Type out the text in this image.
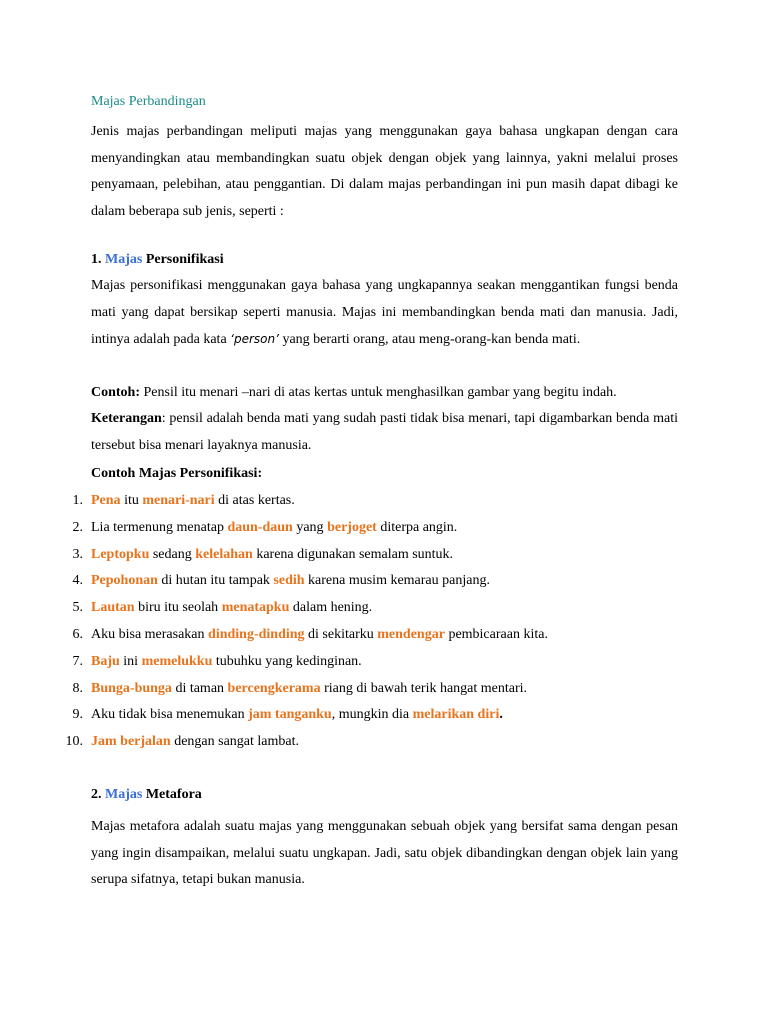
Majas Perbandingan
Jenis majas perbandingan meliputi majas yang menggunakan gaya bahasa ungkapan dengan cara menyandingkan atau membandingkan suatu objek dengan objek yang lainnya, yakni melalui proses penyamaan, pelebihan, atau penggantian. Di dalam majas perbandingan ini pun masih dapat dibagi ke dalam beberapa sub jenis, seperti :
1. Majas Personifikasi
Majas personifikasi menggunakan gaya bahasa yang ungkapannya seakan menggantikan fungsi benda mati yang dapat bersikap seperti manusia. Majas ini membandingkan benda mati dan manusia. Jadi, intinya adalah pada kata ‘person’ yang berarti orang, atau meng-orang-kan benda mati.
Contoh: Pensil itu menari –nari di atas kertas untuk menghasilkan gambar yang begitu indah.
Keterangan: pensil adalah benda mati yang sudah pasti tidak bisa menari, tapi digambarkan benda mati tersebut bisa menari layaknya manusia.
Contoh Majas Personifikasi:
1. Pena itu menari-nari di atas kertas.
2. Lia termenung menatap daun-daun yang berjoget diterpa angin.
3. Leptopku sedang kelelahan karena digunakan semalam suntuk.
4. Pepohonan di hutan itu tampak sedih karena musim kemarau panjang.
5. Lautan biru itu seolah menatapku dalam hening.
6. Aku bisa merasakan dinding-dinding di sekitarku mendengar pembicaraan kita.
7. Baju ini memelukku tubuhku yang kedinginan.
8. Bunga-bunga di taman bercengkerama riang di bawah terik hangat mentari.
9. Aku tidak bisa menemukan jam tanganku, mungkin dia melarikan diri.
10. Jam berjalan dengan sangat lambat.
2. Majas Metafora
Majas metafora adalah suatu majas yang menggunakan sebuah objek yang bersifat sama dengan pesan yang ingin disampaikan, melalui suatu ungkapan. Jadi, satu objek dibandingkan dengan objek lain yang serupa sifatnya, tetapi bukan manusia.
